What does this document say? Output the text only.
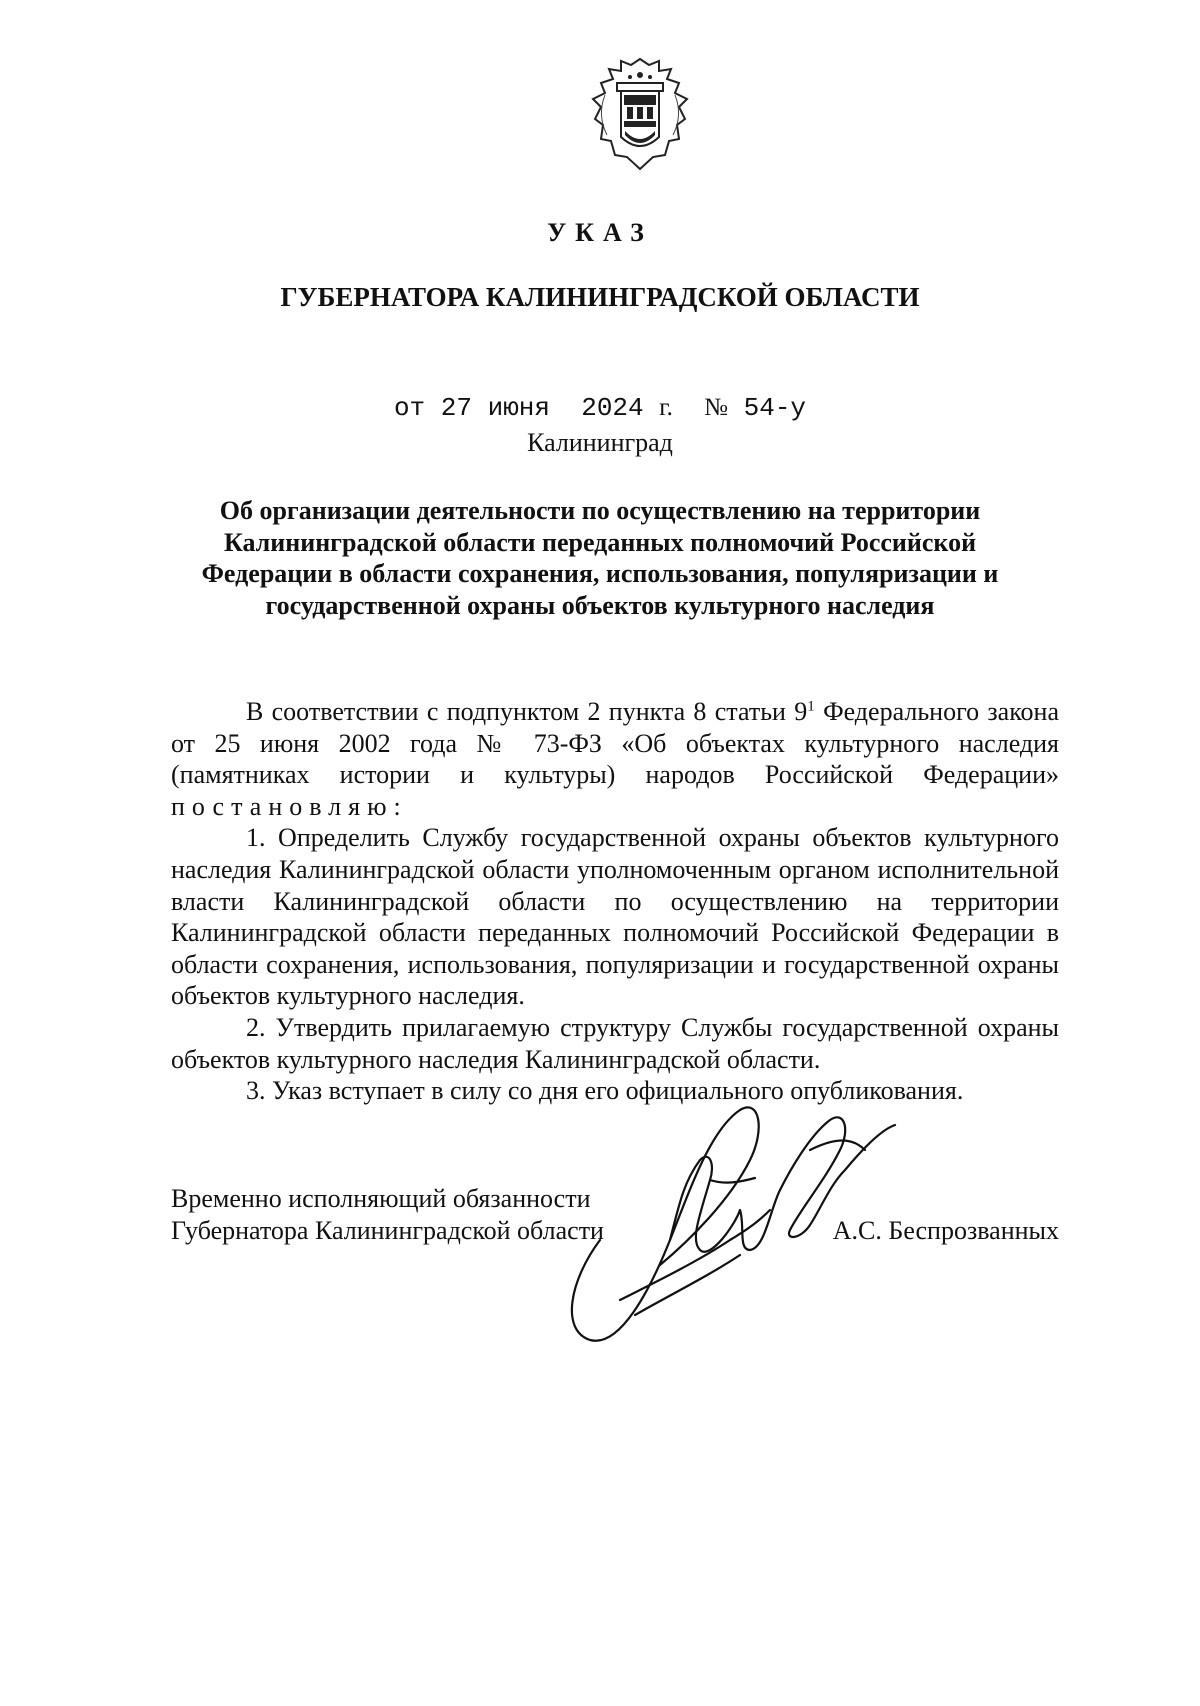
УКАЗ
ГУБЕРНАТОРА КАЛИНИНГРАДСКОЙ ОБЛАСТИ
от 27 июня 2024 г. № 54-у
Калининград
Об организации деятельности по осуществлению на территории Калининградской области переданных полномочий Российской Федерации в области сохранения, использования, популяризации и государственной охраны объектов культурного наследия

В соответствии с подпунктом 2 пункта 8 статьи $9^1$ Федерального закона от 25 июня 2002 года № 73-ФЗ «Об объектах культурного наследия (памятниках истории и культуры) народов Российской Федерации» постановляю:

1. Определить Службу государственной охраны объектов культурного наследия Калининградской области уполномоченным органом исполнительной власти Калининградской области по осуществлению на территории Калининградской области переданных полномочий Российской Федерации в области сохранения, использования, популяризации и государственной охраны объектов культурного наследия.

2. Утвердить прилагаемую структуру Службы государственной охраны объектов культурного наследия Калининградской области.

3. Указ вступает в силу со дня его официального опубликования.

Временно исполняющий обязанности
Губернатора Калининградской области	А.С. Беспрозванных
